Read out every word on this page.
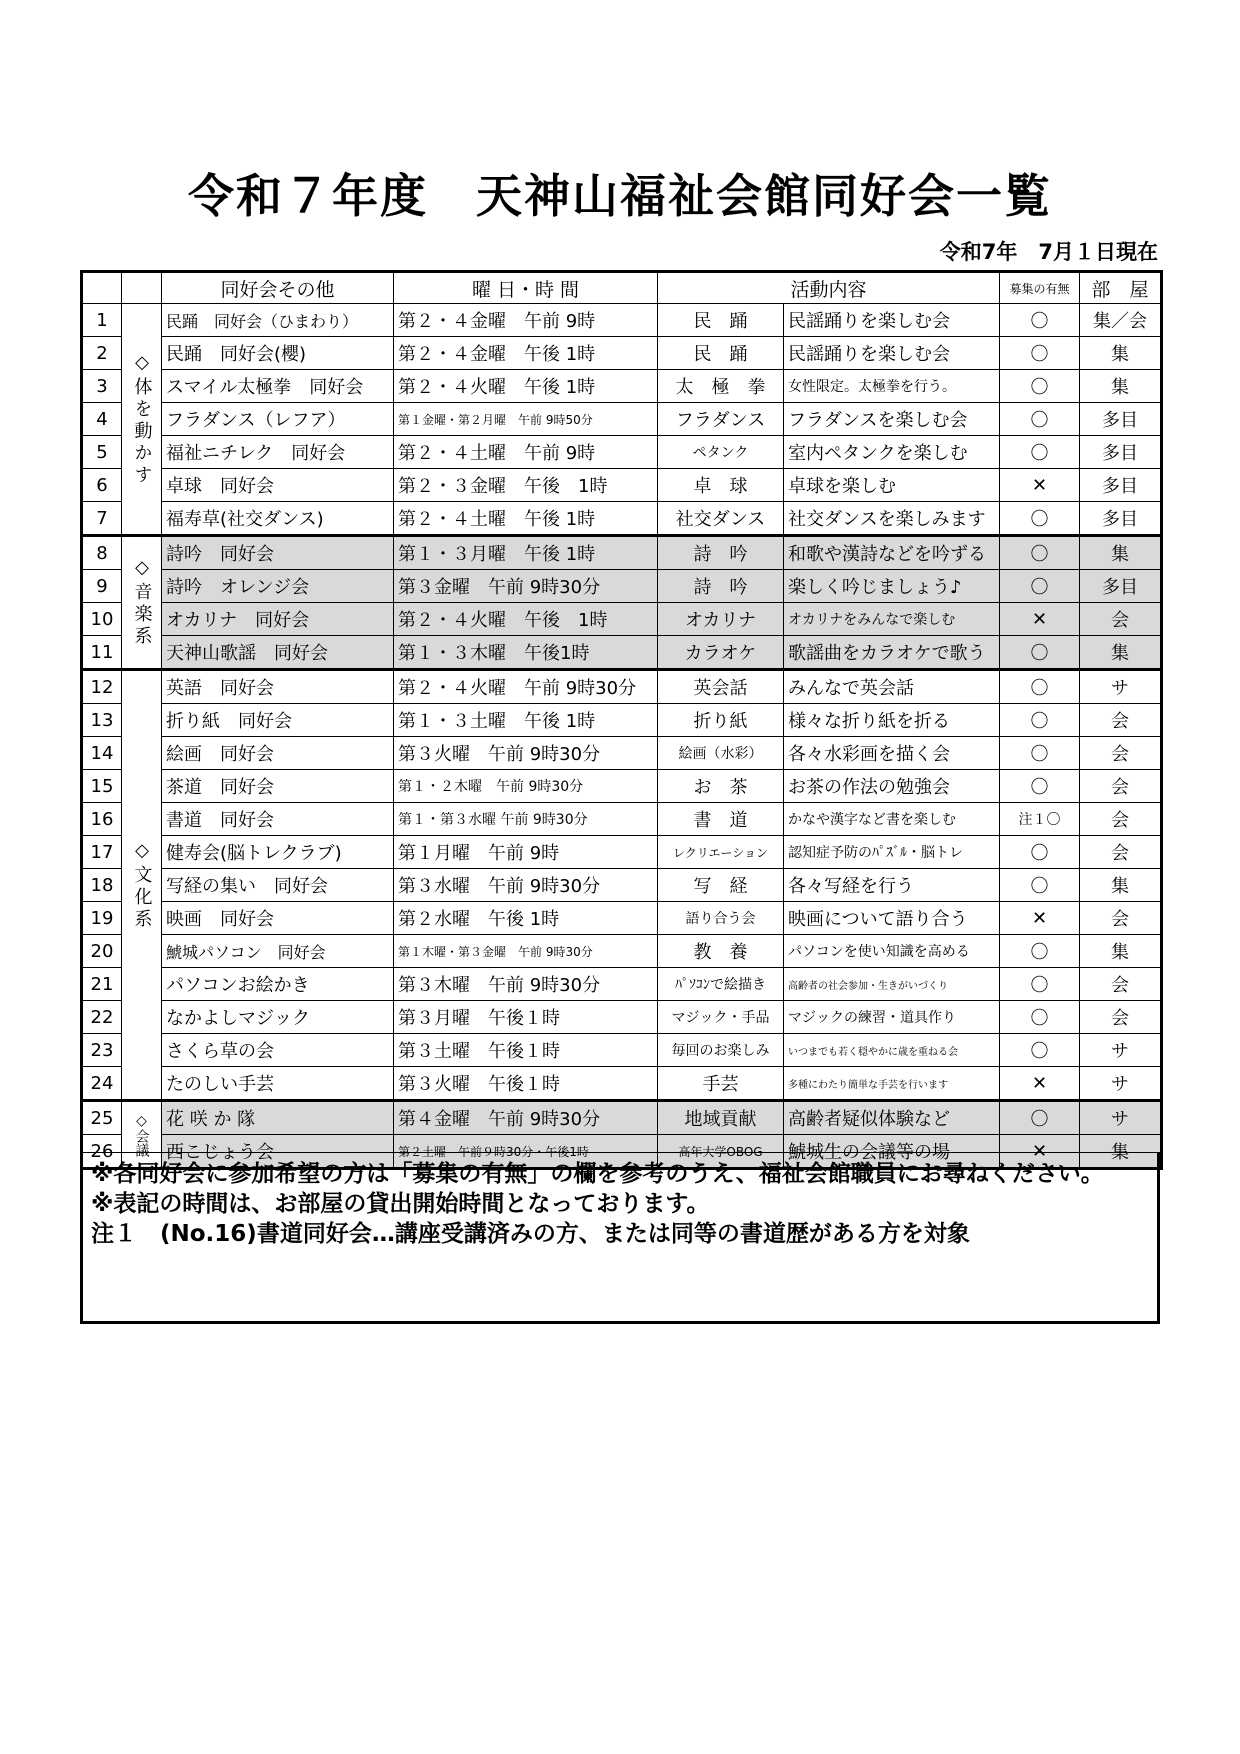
令和７年度　天神山福祉会館同好会一覧
令和7年　7月１日現在
		同好会その他	曜 日・時 間	活動内容		募集の有無	部　屋
1	◇体を動かす	民踊　同好会（ひまわり）	第２・４金曜　午前 9時	民　踊	民謡踊りを楽しむ会	〇	集／会
2		民踊　同好会(櫻)	第２・４金曜　午後 1時	民　踊	民謡踊りを楽しむ会	〇	集
3		スマイル太極拳　同好会	第２・４火曜　午後 1時	太　極　拳	女性限定。太極拳を行う。	〇	集
4		フラダンス（レフア）	第１金曜・第２月曜　午前 9時50分	フラダンス	フラダンスを楽しむ会	〇	多目
5		福祉ニチレク　同好会	第２・４土曜　午前 9時	ペタンク	室内ペタンクを楽しむ	〇	多目
6		卓球　同好会	第２・３金曜　午後　1時	卓　球	卓球を楽しむ	✕	多目
7		福寿草(社交ダンス)	第２・４土曜　午後 1時	社交ダンス	社交ダンスを楽しみます	〇	多目
8	◇音楽系	詩吟　同好会	第１・３月曜　午後 1時	詩　吟	和歌や漢詩などを吟ずる	〇	集
9		詩吟　オレンジ会	第３金曜　午前 9時30分	詩　吟	楽しく吟じましょう♪	〇	多目
10		オカリナ　同好会	第２・４火曜　午後　1時	オカリナ	オカリナをみんなで楽しむ	✕	会
11		天神山歌謡　同好会	第１・３木曜　午後1時	カラオケ	歌謡曲をカラオケで歌う	〇	集
12	◇文化系	英語　同好会	第２・４火曜　午前 9時30分	英会話	みんなで英会話	〇	サ
13		折り紙　同好会	第１・３土曜　午後 1時	折り紙	様々な折り紙を折る	〇	会
14		絵画　同好会	第３火曜　午前 9時30分	絵画（水彩）	各々水彩画を描く会	〇	会
15		茶道　同好会	第１・２木曜　午前 9時30分	お　茶	お茶の作法の勉強会	〇	会
16		書道　同好会	第１・第３水曜 午前 9時30分	書　道	かなや漢字など書を楽しむ	注１〇	会
17		健寿会(脳トレクラブ)	第１月曜　午前 9時	レクリエーション	認知症予防のﾊﾟｽﾞﾙ・脳トレ	〇	会
18		写経の集い　同好会	第３水曜　午前 9時30分	写　経	各々写経を行う	〇	集
19		映画　同好会	第２水曜　午後 1時	語り合う会	映画について語り合う	✕	会
20		鯱城パソコン　同好会	第１木曜・第３金曜　午前 9時30分	教　養	パソコンを使い知識を高める	〇	集
21		パソコンお絵かき	第３木曜　午前 9時30分	ﾊﾟｿｺﾝで絵描き	高齢者の社会参加・生きがいづくり	〇	会
22		なかよしマジック	第３月曜　午後１時	マジック・手品	マジックの練習・道具作り	〇	会
23		さくら草の会	第３土曜　午後１時	毎回のお楽しみ	いつまでも若く穏やかに歳を重ねる会	〇	サ
24		たのしい手芸	第３火曜　午後１時	手芸	多種にわたり簡単な手芸を行います	✕	サ
25	◇会議	花 咲 か 隊	第４金曜　午前 9時30分	地域貢献	高齢者疑似体験など	〇	サ
26		西こじょう会	第２土曜　午前９時30分・午後1時	高年大学OBOG	鯱城生の会議等の場	✕	集

※各同好会に参加希望の方は「募集の有無」の欄を参考のうえ、福祉会館職員にお尋ねください。

※表記の時間は、お部屋の貸出開始時間となっております。

注１　(No.16)書道同好会…講座受講済みの方、または同等の書道歴がある方を対象
